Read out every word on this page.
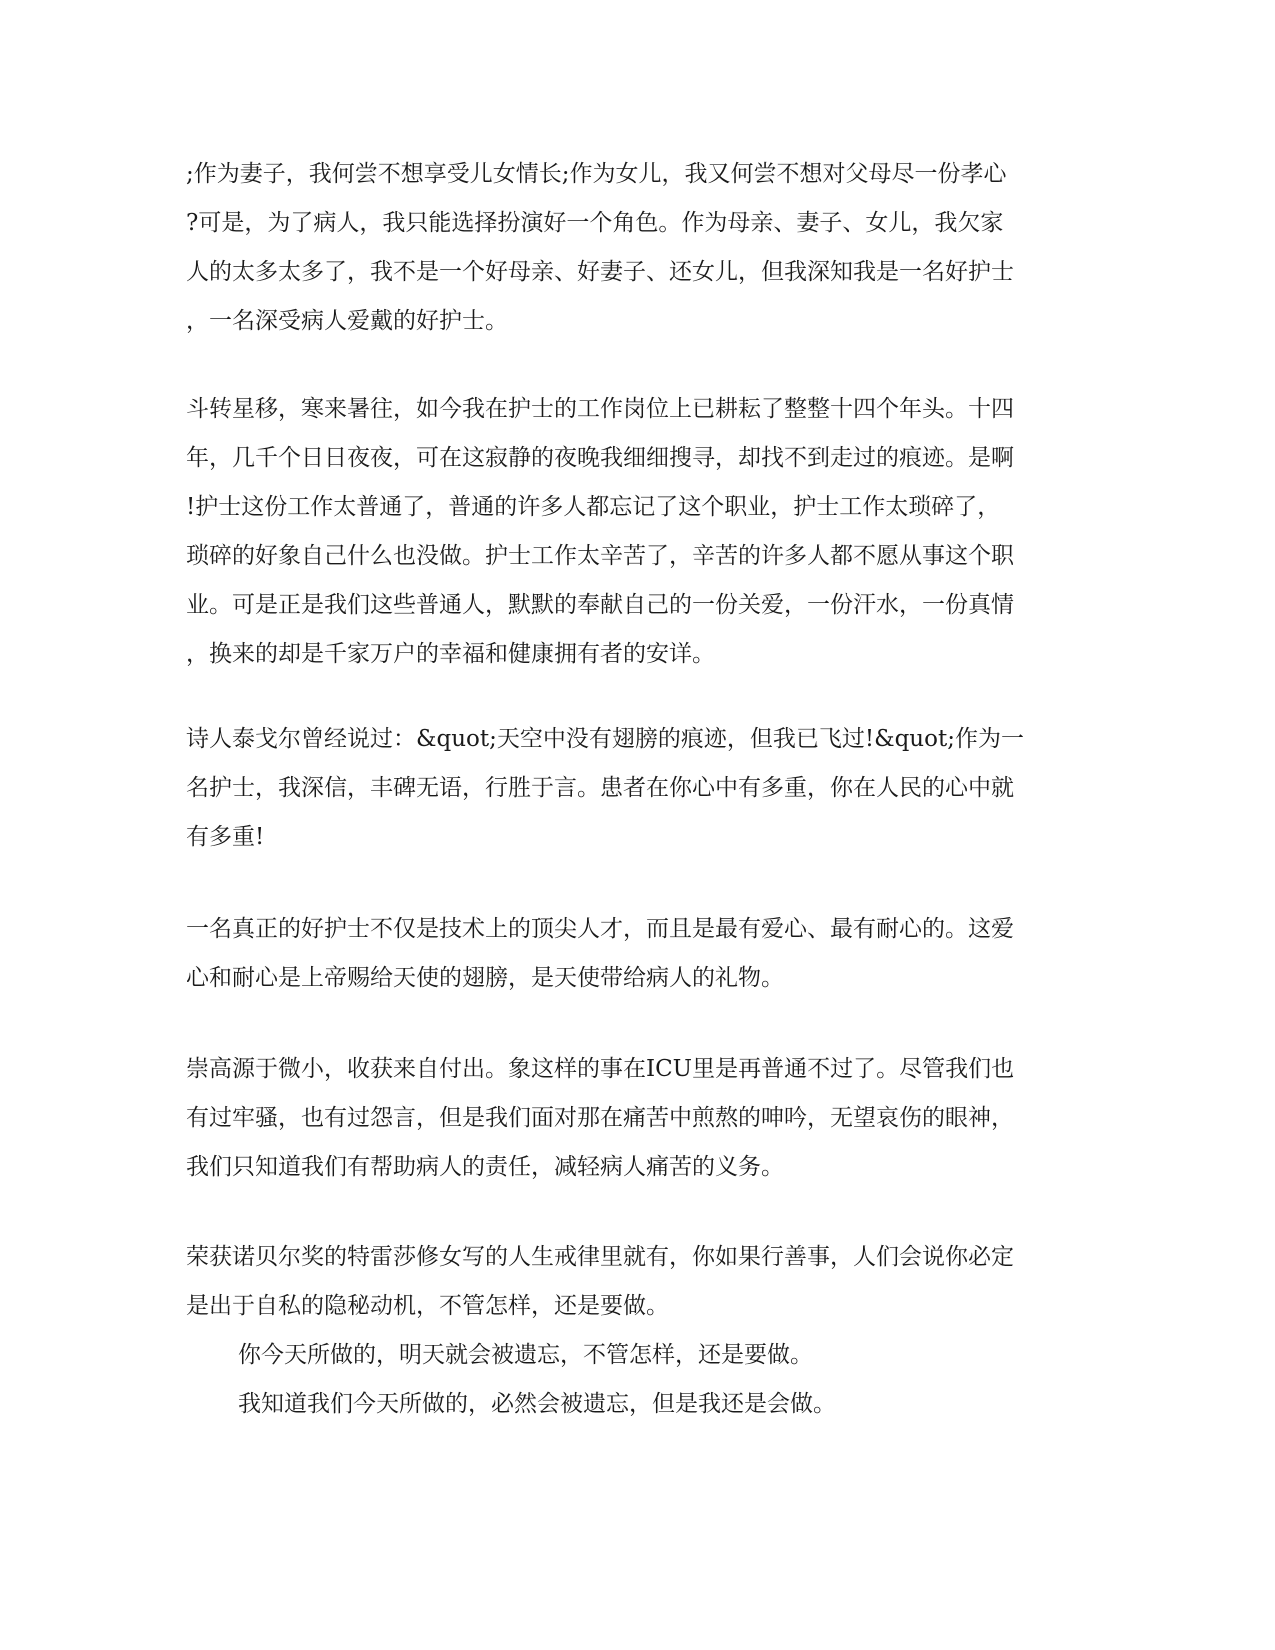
;作为妻子，我何尝不想享受儿女情长;作为女儿，我又何尝不想对父母尽一份孝心
?可是，为了病人，我只能选择扮演好一个角色。作为母亲、妻子、女儿，我欠家
人的太多太多了，我不是一个好母亲、好妻子、还女儿，但我深知我是一名好护士
，一名深受病人爱戴的好护士。
斗转星移，寒来暑往，如今我在护士的工作岗位上已耕耘了整整十四个年头。十四
年，几千个日日夜夜，可在这寂静的夜晚我细细搜寻，却找不到走过的痕迹。是啊
!护士这份工作太普通了，普通的许多人都忘记了这个职业，护士工作太琐碎了，
琐碎的好象自己什么也没做。护士工作太辛苦了，辛苦的许多人都不愿从事这个职
业。可是正是我们这些普通人，默默的奉献自己的一份关爱，一份汗水，一份真情
，换来的却是千家万户的幸福和健康拥有者的安详。
诗人泰戈尔曾经说过：&quot;天空中没有翅膀的痕迹，但我已飞过!&quot;作为一
名护士，我深信，丰碑无语，行胜于言。患者在你心中有多重，你在人民的心中就
有多重!
一名真正的好护士不仅是技术上的顶尖人才，而且是最有爱心、最有耐心的。这爱
心和耐心是上帝赐给天使的翅膀，是天使带给病人的礼物。
崇高源于微小，收获来自付出。象这样的事在ICU里是再普通不过了。尽管我们也
有过牢骚，也有过怨言，但是我们面对那在痛苦中煎熬的呻吟，无望哀伤的眼神，
我们只知道我们有帮助病人的责任，减轻病人痛苦的义务。
荣获诺贝尔奖的特雷莎修女写的人生戒律里就有，你如果行善事，人们会说你必定
是出于自私的隐秘动机，不管怎样，还是要做。
你今天所做的，明天就会被遗忘，不管怎样，还是要做。
我知道我们今天所做的，必然会被遗忘，但是我还是会做。
